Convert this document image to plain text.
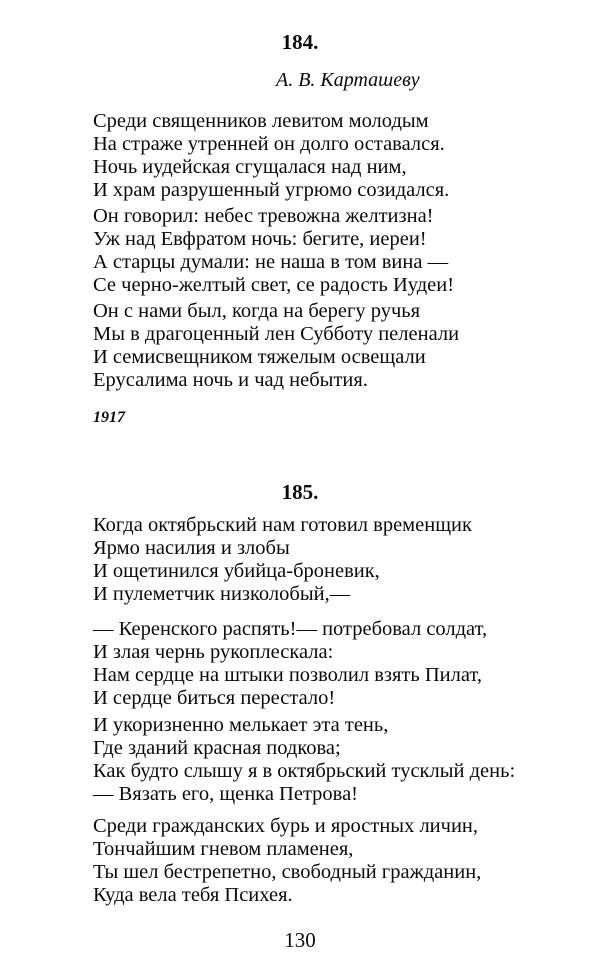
184.
А. В. Карташеву
Среди священников левитом молодым
На страже утренней он долго оставался.
Ночь иудейская сгущалася над ним,
И храм разрушенный угрюмо созидался.
Он говорил: небес тревожна желтизна!
Уж над Евфратом ночь: бегите, иереи!
А старцы думали: не наша в том вина —
Се черно-желтый свет, се радость Иудеи!
Он с нами был, когда на берегу ручья
Мы в драгоценный лен Субботу пеленали
И семисвещником тяжелым освещали
Ерусалима ночь и чад небытия.
1917
185.
Когда октябрьский нам готовил временщик
Ярмо насилия и злобы
И ощетинился убийца-броневик,
И пулеметчик низколобый,—
— Керенского распять!— потребовал солдат,
И злая чернь рукоплескала:
Нам сердце на штыки позволил взять Пилат,
И сердце биться перестало!
И укоризненно мелькает эта тень,
Где зданий красная подкова;
Как будто слышу я в октябрьский тусклый день:
— Вязать его, щенка Петрова!
Среди гражданских бурь и яростных личин,
Тончайшим гневом пламенея,
Ты шел бестрепетно, свободный гражданин,
Куда вела тебя Психея.
130
